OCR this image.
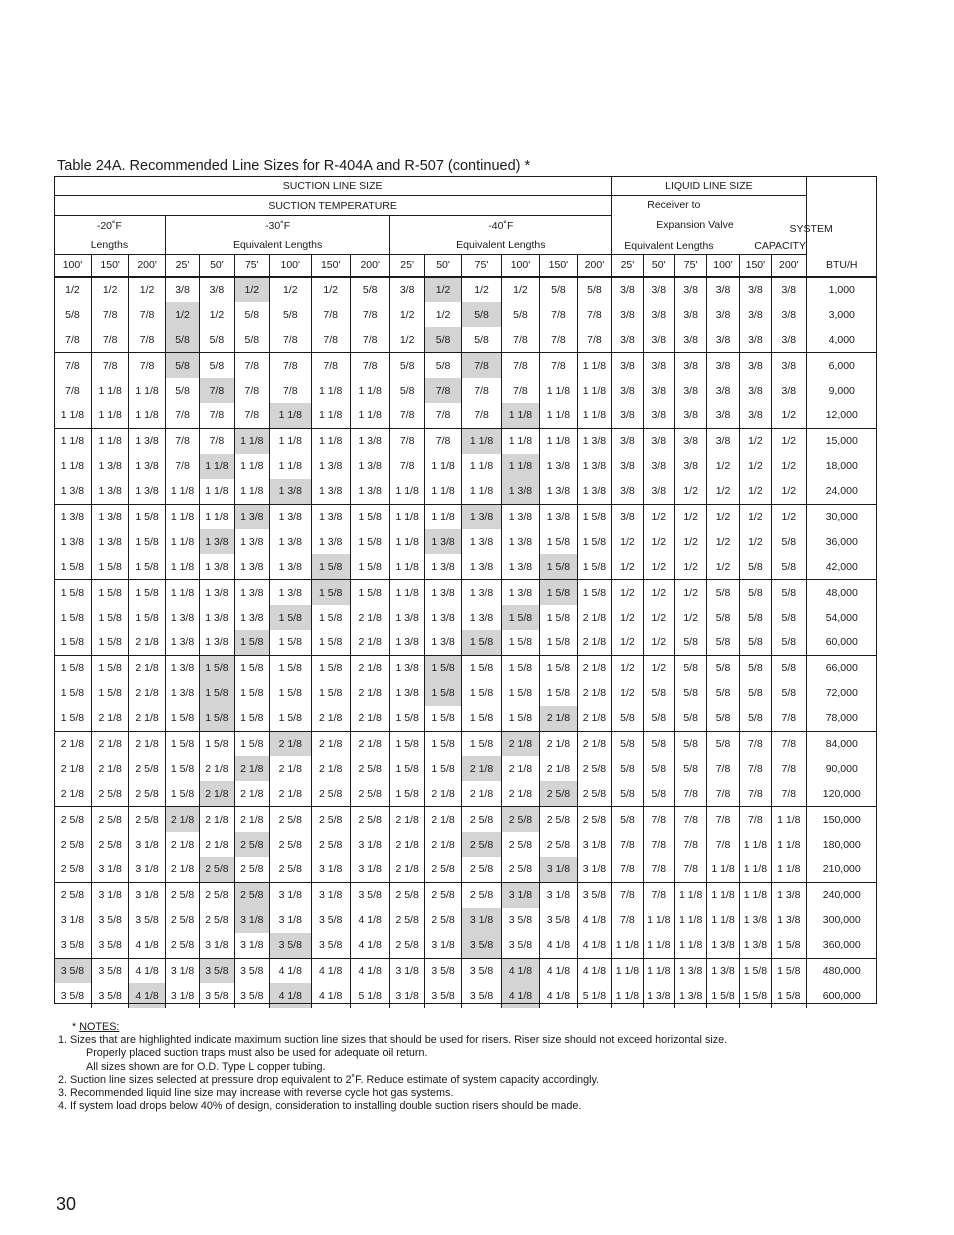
Table 24A. Recommended Line Sizes for R-404A and R-507 (continued) *
SUCTION LINE SIZE															LIQUID LINE SIZE						SYSTEM

SUCTION TEMPERATURE															Receiver to
Expansion Valve
Equivalent Lengths CAPACITY						

-20˚F			-30˚F						-40˚F												
Lengths			Equivalent Lengths						Equivalent Lengths												
100'	150'	200'	25'	50'	75'	100'	150'	200'	25'	50'	75'	100'	150'	200'	25'	50'	75'	100'	150'	200'	BTU/H
1/2	1/2	1/2	3/8	3/8	1/2	1/2	1/2	5/8	3/8	1/2	1/2	1/2	5/8	5/8	3/8	3/8	3/8	3/8	3/8	3/8	1,000
5/8	7/8	7/8	1/2	1/2	5/8	5/8	7/8	7/8	1/2	1/2	5/8	5/8	7/8	7/8	3/8	3/8	3/8	3/8	3/8	3/8	3,000
7/8	7/8	7/8	5/8	5/8	5/8	7/8	7/8	7/8	1/2	5/8	5/8	7/8	7/8	7/8	3/8	3/8	3/8	3/8	3/8	3/8	4,000
7/8	7/8	7/8	5/8	5/8	7/8	7/8	7/8	7/8	5/8	5/8	7/8	7/8	7/8	1 1/8	3/8	3/8	3/8	3/8	3/8	3/8	6,000
7/8	1 1/8	1 1/8	5/8	7/8	7/8	7/8	1 1/8	1 1/8	5/8	7/8	7/8	7/8	1 1/8	1 1/8	3/8	3/8	3/8	3/8	3/8	3/8	9,000
1 1/8	1 1/8	1 1/8	7/8	7/8	7/8	1 1/8	1 1/8	1 1/8	7/8	7/8	7/8	1 1/8	1 1/8	1 1/8	3/8	3/8	3/8	3/8	3/8	1/2	12,000
1 1/8	1 1/8	1 3/8	7/8	7/8	1 1/8	1 1/8	1 1/8	1 3/8	7/8	7/8	1 1/8	1 1/8	1 1/8	1 3/8	3/8	3/8	3/8	3/8	1/2	1/2	15,000
1 1/8	1 3/8	1 3/8	7/8	1 1/8	1 1/8	1 1/8	1 3/8	1 3/8	7/8	1 1/8	1 1/8	1 1/8	1 3/8	1 3/8	3/8	3/8	3/8	1/2	1/2	1/2	18,000
1 3/8	1 3/8	1 3/8	1 1/8	1 1/8	1 1/8	1 3/8	1 3/8	1 3/8	1 1/8	1 1/8	1 1/8	1 3/8	1 3/8	1 3/8	3/8	3/8	1/2	1/2	1/2	1/2	24,000
1 3/8	1 3/8	1 5/8	1 1/8	1 1/8	1 3/8	1 3/8	1 3/8	1 5/8	1 1/8	1 1/8	1 3/8	1 3/8	1 3/8	1 5/8	3/8	1/2	1/2	1/2	1/2	1/2	30,000
1 3/8	1 3/8	1 5/8	1 1/8	1 3/8	1 3/8	1 3/8	1 3/8	1 5/8	1 1/8	1 3/8	1 3/8	1 3/8	1 5/8	1 5/8	1/2	1/2	1/2	1/2	1/2	5/8	36,000
1 5/8	1 5/8	1 5/8	1 1/8	1 3/8	1 3/8	1 3/8	1 5/8	1 5/8	1 1/8	1 3/8	1 3/8	1 3/8	1 5/8	1 5/8	1/2	1/2	1/2	1/2	5/8	5/8	42,000
1 5/8	1 5/8	1 5/8	1 1/8	1 3/8	1 3/8	1 3/8	1 5/8	1 5/8	1 1/8	1 3/8	1 3/8	1 3/8	1 5/8	1 5/8	1/2	1/2	1/2	5/8	5/8	5/8	48,000
1 5/8	1 5/8	1 5/8	1 3/8	1 3/8	1 3/8	1 5/8	1 5/8	2 1/8	1 3/8	1 3/8	1 3/8	1 5/8	1 5/8	2 1/8	1/2	1/2	1/2	5/8	5/8	5/8	54,000
1 5/8	1 5/8	2 1/8	1 3/8	1 3/8	1 5/8	1 5/8	1 5/8	2 1/8	1 3/8	1 3/8	1 5/8	1 5/8	1 5/8	2 1/8	1/2	1/2	5/8	5/8	5/8	5/8	60,000
1 5/8	1 5/8	2 1/8	1 3/8	1 5/8	1 5/8	1 5/8	1 5/8	2 1/8	1 3/8	1 5/8	1 5/8	1 5/8	1 5/8	2 1/8	1/2	1/2	5/8	5/8	5/8	5/8	66,000
1 5/8	1 5/8	2 1/8	1 3/8	1 5/8	1 5/8	1 5/8	1 5/8	2 1/8	1 3/8	1 5/8	1 5/8	1 5/8	1 5/8	2 1/8	1/2	5/8	5/8	5/8	5/8	5/8	72,000
1 5/8	2 1/8	2 1/8	1 5/8	1 5/8	1 5/8	1 5/8	2 1/8	2 1/8	1 5/8	1 5/8	1 5/8	1 5/8	2 1/8	2 1/8	5/8	5/8	5/8	5/8	5/8	7/8	78,000
2 1/8	2 1/8	2 1/8	1 5/8	1 5/8	1 5/8	2 1/8	2 1/8	2 1/8	1 5/8	1 5/8	1 5/8	2 1/8	2 1/8	2 1/8	5/8	5/8	5/8	5/8	7/8	7/8	84,000
2 1/8	2 1/8	2 5/8	1 5/8	2 1/8	2 1/8	2 1/8	2 1/8	2 5/8	1 5/8	1 5/8	2 1/8	2 1/8	2 1/8	2 5/8	5/8	5/8	5/8	7/8	7/8	7/8	90,000
2 1/8	2 5/8	2 5/8	1 5/8	2 1/8	2 1/8	2 1/8	2 5/8	2 5/8	1 5/8	2 1/8	2 1/8	2 1/8	2 5/8	2 5/8	5/8	5/8	7/8	7/8	7/8	7/8	120,000
2 5/8	2 5/8	2 5/8	2 1/8	2 1/8	2 1/8	2 5/8	2 5/8	2 5/8	2 1/8	2 1/8	2 5/8	2 5/8	2 5/8	2 5/8	5/8	7/8	7/8	7/8	7/8	1 1/8	150,000
2 5/8	2 5/8	3 1/8	2 1/8	2 1/8	2 5/8	2 5/8	2 5/8	3 1/8	2 1/8	2 1/8	2 5/8	2 5/8	2 5/8	3 1/8	7/8	7/8	7/8	7/8	1 1/8	1 1/8	180,000
2 5/8	3 1/8	3 1/8	2 1/8	2 5/8	2 5/8	2 5/8	3 1/8	3 1/8	2 1/8	2 5/8	2 5/8	2 5/8	3 1/8	3 1/8	7/8	7/8	7/8	1 1/8	1 1/8	1 1/8	210,000
2 5/8	3 1/8	3 1/8	2 5/8	2 5/8	2 5/8	3 1/8	3 1/8	3 5/8	2 5/8	2 5/8	2 5/8	3 1/8	3 1/8	3 5/8	7/8	7/8	1 1/8	1 1/8	1 1/8	1 3/8	240,000
3 1/8	3 5/8	3 5/8	2 5/8	2 5/8	3 1/8	3 1/8	3 5/8	4 1/8	2 5/8	2 5/8	3 1/8	3 5/8	3 5/8	4 1/8	7/8	1 1/8	1 1/8	1 1/8	1 3/8	1 3/8	300,000
3 5/8	3 5/8	4 1/8	2 5/8	3 1/8	3 1/8	3 5/8	3 5/8	4 1/8	2 5/8	3 1/8	3 5/8	3 5/8	4 1/8	4 1/8	1 1/8	1 1/8	1 1/8	1 3/8	1 3/8	1 5/8	360,000
3 5/8	3 5/8	4 1/8	3 1/8	3 5/8	3 5/8	4 1/8	4 1/8	4 1/8	3 1/8	3 5/8	3 5/8	4 1/8	4 1/8	4 1/8	1 1/8	1 1/8	1 3/8	1 3/8	1 5/8	1 5/8	480,000
3 5/8	3 5/8	4 1/8	3 1/8	3 5/8	3 5/8	4 1/8	4 1/8	5 1/8	3 1/8	3 5/8	3 5/8	4 1/8	4 1/8	5 1/8	1 1/8	1 3/8	1 3/8	1 5/8	1 5/8	1 5/8	600,000
* NOTES:
1. Sizes that are highlighted indicate maximum suction line sizes that should be used for risers. Riser size should not exceed horizontal size.
Properly placed suction traps must also be used for adequate oil return.
All sizes shown are for O.D. Type L copper tubing.
2. Suction line sizes selected at pressure drop equivalent to 2˚F. Reduce estimate of system capacity accordingly.
3. Recommended liquid line size may increase with reverse cycle hot gas systems.
4. If system load drops below 40% of design, consideration to installing double suction risers should be made.
30
